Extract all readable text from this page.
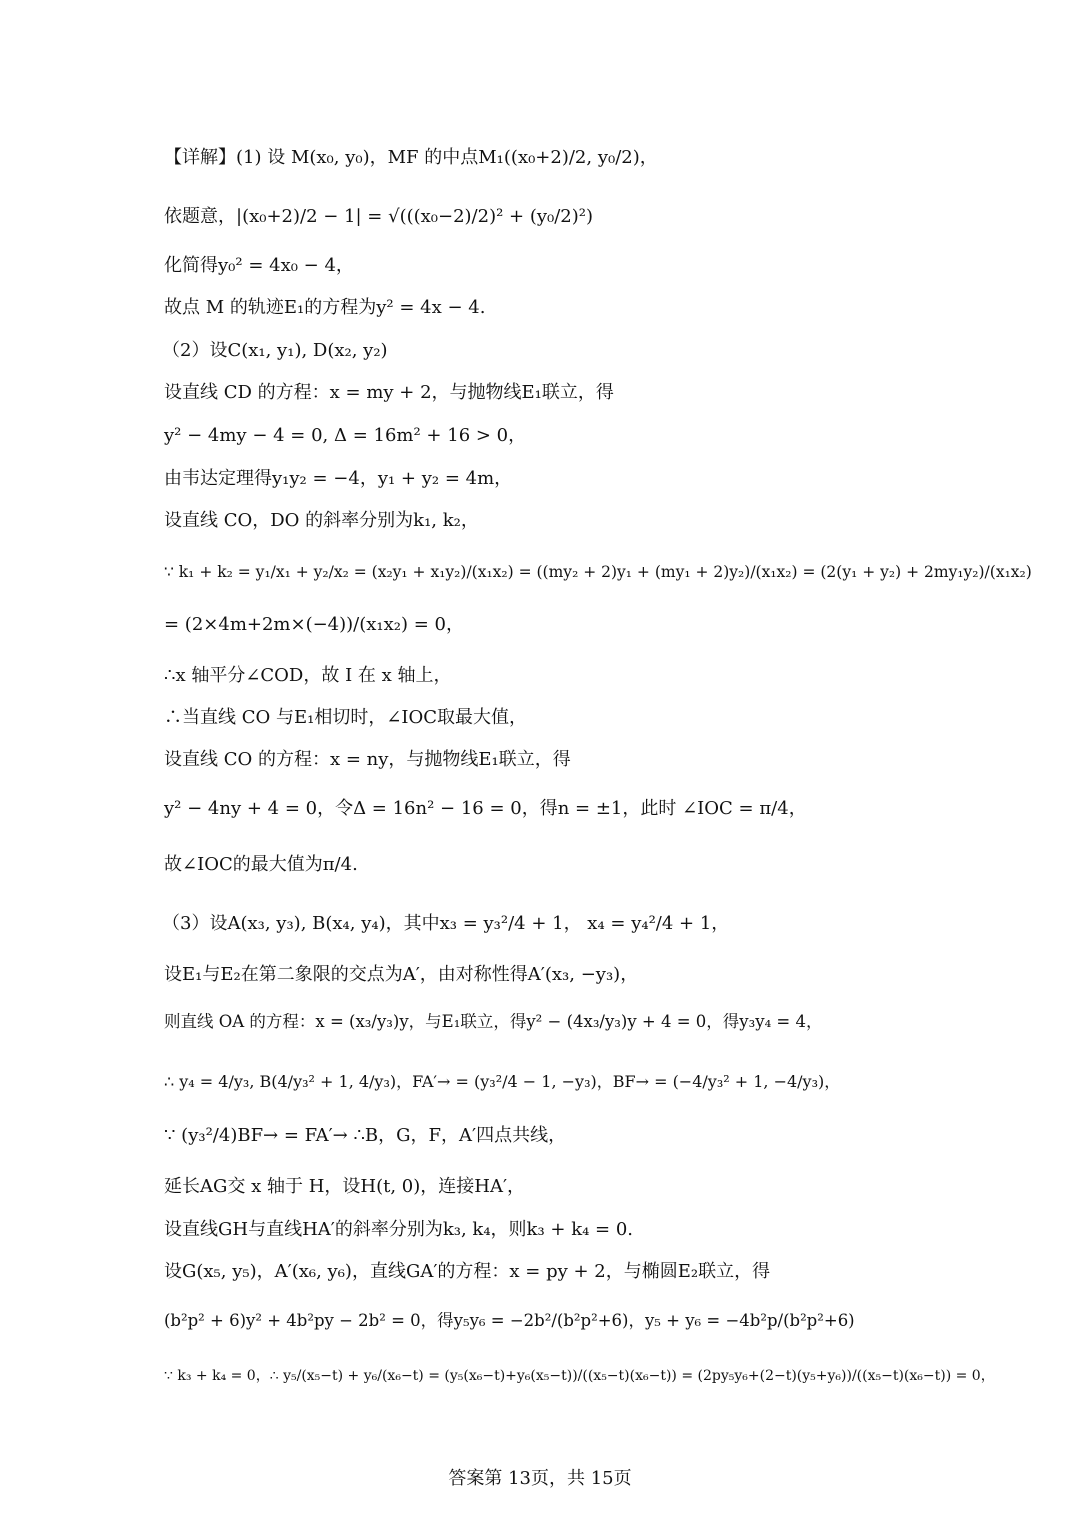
【详解】(1) 设 M(x₀, y₀)，MF 的中点M₁((x₀+2)/2, y₀/2)，
依题意，|(x₀+2)/2 − 1| = √(((x₀−2)/2)² + (y₀/2)²)
化简得y₀² = 4x₀ − 4，
故点 M 的轨迹E₁的方程为y² = 4x − 4.
（2）设C(x₁, y₁), D(x₂, y₂)
设直线 CD 的方程：x = my + 2，与抛物线E₁联立，得
y² − 4my − 4 = 0, Δ = 16m² + 16 > 0，
由韦达定理得y₁y₂ = −4，y₁ + y₂ = 4m，
设直线 CO，DO 的斜率分别为k₁, k₂，
∵ k₁ + k₂ = y₁/x₁ + y₂/x₂ = (x₂y₁ + x₁y₂)/(x₁x₂) = ((my₂ + 2)y₁ + (my₁ + 2)y₂)/(x₁x₂) = (2(y₁ + y₂) + 2my₁y₂)/(x₁x₂)
= (2×4m+2m×(−4))/(x₁x₂) = 0，
∴x 轴平分∠COD，故 I 在 x 轴上，
∴当直线 CO 与E₁相切时，∠IOC取最大值，
设直线 CO 的方程：x = ny，与抛物线E₁联立，得
y² − 4ny + 4 = 0，令Δ = 16n² − 16 = 0，得n = ±1，此时 ∠IOC = π/4，
故∠IOC的最大值为π/4.
（3）设A(x₃, y₃), B(x₄, y₄)，其中x₃ = y₃²/4 + 1， x₄ = y₄²/4 + 1，
设E₁与E₂在第二象限的交点为A′，由对称性得A′(x₃, −y₃)，
则直线 OA 的方程：x = (x₃/y₃)y，与E₁联立，得y² − (4x₃/y₃)y + 4 = 0，得y₃y₄ = 4，
∴ y₄ = 4/y₃, B(4/y₃² + 1, 4/y₃)，FA′→ = (y₃²/4 − 1, −y₃)，BF→ = (−4/y₃² + 1, −4/y₃)，
∵ (y₃²/4)BF→ = FA′→ ∴B，G，F，A′四点共线，
延长AG交 x 轴于 H，设H(t, 0)，连接HA′，
设直线GH与直线HA′的斜率分别为k₃, k₄，则k₃ + k₄ = 0.
设G(x₅, y₅)，A′(x₆, y₆)，直线GA′的方程：x = py + 2，与椭圆E₂联立，得
(b²p² + 6)y² + 4b²py − 2b² = 0，得y₅y₆ = −2b²/(b²p²+6)，y₅ + y₆ = −4b²p/(b²p²+6)
∵ k₃ + k₄ = 0，∴ y₅/(x₅−t) + y₆/(x₆−t) = (y₅(x₆−t)+y₆(x₅−t))/((x₅−t)(x₆−t)) = (2py₅y₆+(2−t)(y₅+y₆))/((x₅−t)(x₆−t)) = 0，
答案第 13页，共 15页
